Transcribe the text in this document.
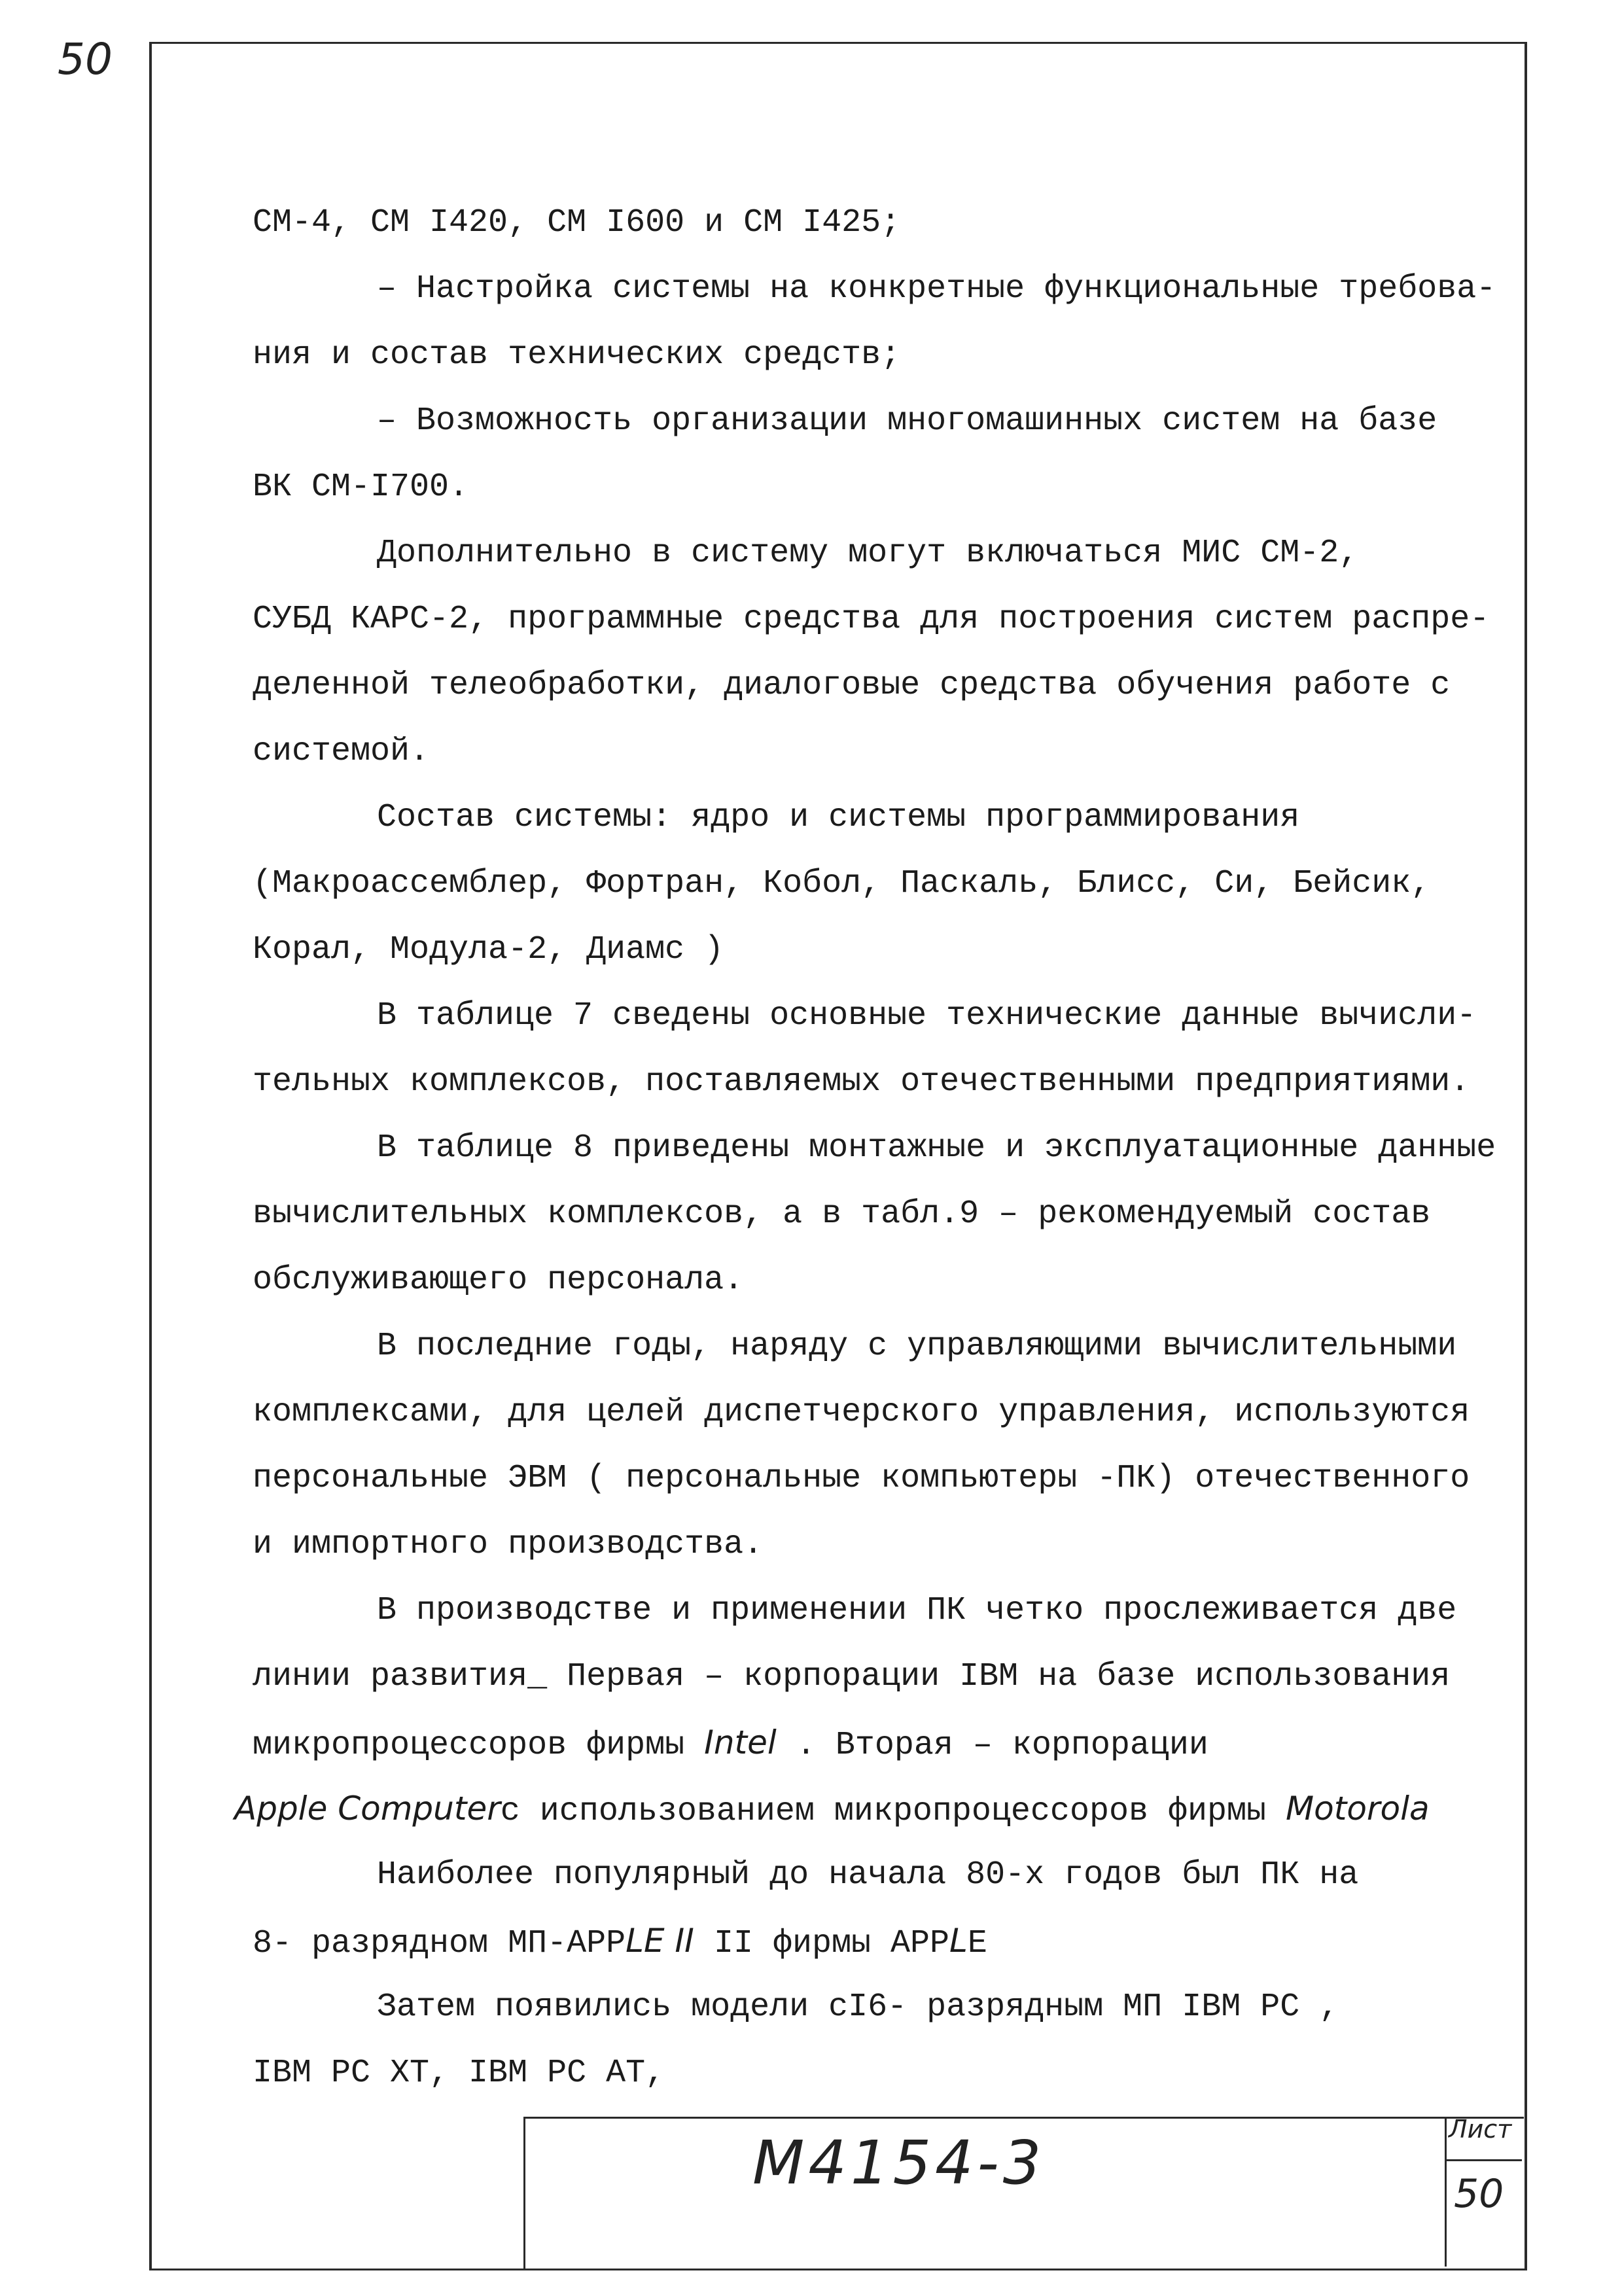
50
СМ-4, СМ I420, СМ I600 и СМ I425;
– Настройка системы на конкретные функциональные требова-
ния и состав технических средств;
– Возможность организации многомашинных систем на базе
ВК СМ-I700.
Дополнительно в систему могут включаться МИС СМ-2,
СУБД КАРС-2, программные средства для построения систем распре-
деленной телеобработки, диалоговые средства обучения работе с
системой.
Состав системы: ядро и системы программирования
(Макроассемблер, Фортран, Кобол, Паскаль, Блисс, Си, Бейсик,
Корал, Модула-2, Диамс )
В таблице 7 сведены основные технические данные вычисли-
тельных комплексов, поставляемых отечественными предприятиями.
В таблице 8 приведены монтажные и эксплуатационные данные
вычислительных комплексов, а в табл.9 – рекомендуемый состав
обслуживающего персонала.
В последние годы, наряду с управляющими вычислительными
комплексами, для целей диспетчерского управления, используются
персональные ЭВМ ( персональные компьютеры -ПК) отечественного
и импортного производства.
В производстве и применении ПК четко прослеживается две
линии развития_ Первая – корпорации IBM на базе использования
микропроцессоров фирмы Intel . Вторая – корпорации
Apple Computerс использованием микропроцессоров фирмы Motorola
Наиболее популярный до начала 80-х годов был ПК на
8- разрядном МП-APPLE II II фирмы APPLE
Затем появились модели cI6- разрядным МП IBM PC ,
IBM PC XT, IBM PC AT,
M4154-3	Лист
50
